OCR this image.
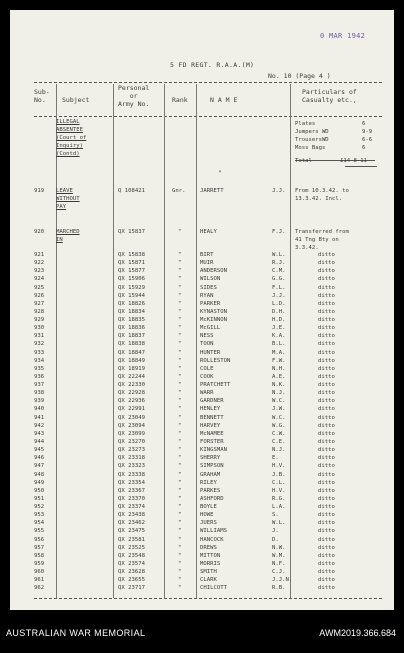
0 MAR 1942
5 FD REGT. R.A.A.(M)
No. 10 (Page 4 )
Sub-
No.	Subject
Personal
or
Army No.	Rank	N A M E
Particulars of
Casualty etc.,
ILLEGAL
ABSENTEE
(Court of
Inquiry)
(Contd)
Plates	6
Jumpers WD	9-9
TrousersWD	6-6
Moss Bags	6
Total	£14-8-11
"
919 LEAVE
WITHOUT
PAY
Q 108421	Gnr.	JARRETT	J.J. From 10.3.42. to
13.3.42. Incl.
920 MARCHED
IN
QX 15837	"	HEALY	F.J. Transferred from
41 Tng Bty on
3.3.42.
921	QX 15838	"	BIRT	W.L.	ditto
922	QX 15871	"	MUIR	R.J.	ditto
923	QX 15877	"	ANDERSON	C.M.	ditto
924	QX 15906	"	WILSON	G.G.	ditto
925	QX 15929	"	SIDES	F.L.	ditto
926	QX 15944	"	RYAN	J.J.	ditto
927	QX 18826	"	PARKER	L.D.	ditto
928	QX 18834	"	KYNASTON	D.H.	ditto
929	QX 18835	"	McKINNON	H.D.	ditto
930	QX 18836	"	McGILL	J.E.	ditto
931	QX 18837	"	NESS	K.A.	ditto
932	QX 18838	"	TOON	B.L.	ditto
933	QX 18847	"	HUNTER	M.A.	ditto
934	QX 18849	"	ROLLESTON	F.W.	ditto
935	QX 18919	"	COLE	N.H.	ditto
936	QX 22244	"	COOK	A.E.	ditto
937	QX 22330	"	PRATCHETT	N.K.	ditto
938	QX 22928	"	WARR	N.J.	ditto
939	QX 22936	"	GARDNER	W.C.	ditto
940	QX 22991	"	HENLEY	J.W.	ditto
941	QX 23049	"	BENNETT	W.C.	ditto
942	QX 23094	"	HARVEY	W.G.	ditto
943	QX 23099	"	McNAMEE	C.W.	ditto
944	QX 23270	"	FORSTER	C.E.	ditto
945	QX 23273	"	KINGSMAN	N.J.	ditto
946	QX 23318	"	SHERRY	E.	ditto
947	QX 23323	"	SIMPSON	H.V.	ditto
948	QX 23338	"	GRAHAM	J.B.	ditto
949	QX 23354	"	RILEY	C.L.	ditto
950	QX 23367	"	PARKES	H.V.	ditto
951	QX 23370	"	ASHFORD	R.G.	ditto
952	QX 23374	"	BOYLE	L.A.	ditto
953	QX 23438	"	HOWE	S.	ditto
954	QX 23462	"	JUERS	W.L.	ditto
955	QX 23475	"	WILLIAMS	J.	ditto
956	QX 23581	"	HANCOCK	D.	ditto
957	QX 23525	"	DREWS	N.W.	ditto
958	QX 23548	"	MITTON	W.M.	ditto
959	QX 23574	"	MORRIS	N.F.	ditto
960	QX 23628	"	SMITH	C.J.	ditto
961	QX 23655	"	CLARK	J.J.N.	ditto
962	QX 23717	"	CHILCOTT	R.B.	ditto
AUSTRALIAN WAR MEMORIAL	AWM2019.366.684
